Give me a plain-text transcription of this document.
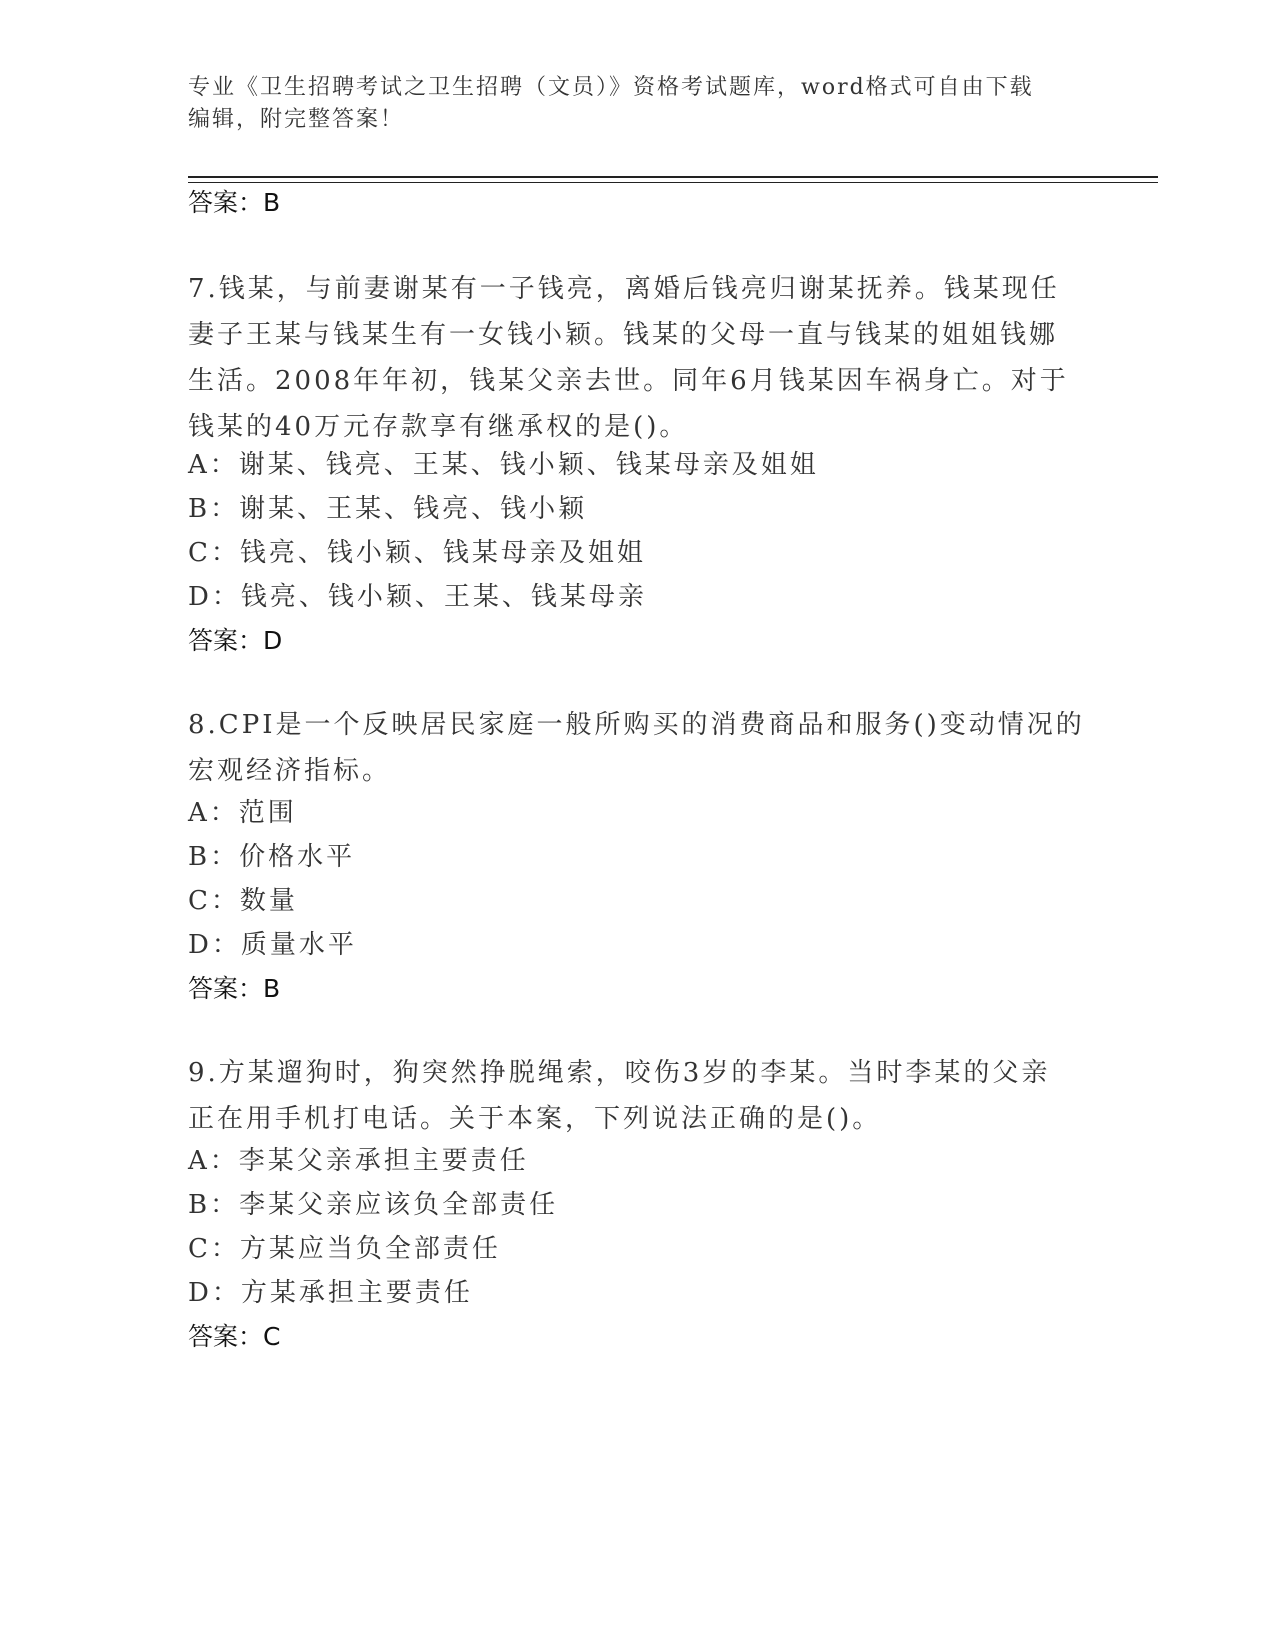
专业《卫生招聘考试之卫生招聘（文员）》资格考试题库，word格式可自由下载
编辑，附完整答案！
答案：B
7.钱某，与前妻谢某有一子钱亮，离婚后钱亮归谢某抚养。钱某现任
妻子王某与钱某生有一女钱小颖。钱某的父母一直与钱某的姐姐钱娜
生活。2008年年初，钱某父亲去世。同年6月钱某因车祸身亡。对于
钱某的40万元存款享有继承权的是()。
A：谢某、钱亮、王某、钱小颖、钱某母亲及姐姐
B：谢某、王某、钱亮、钱小颖
C：钱亮、钱小颖、钱某母亲及姐姐
D：钱亮、钱小颖、王某、钱某母亲
答案：D
8.CPI是一个反映居民家庭一般所购买的消费商品和服务()变动情况的
宏观经济指标。
A：范围
B：价格水平
C：数量
D：质量水平
答案：B
9.方某遛狗时，狗突然挣脱绳索，咬伤3岁的李某。当时李某的父亲
正在用手机打电话。关于本案，下列说法正确的是()。
A：李某父亲承担主要责任
B：李某父亲应该负全部责任
C：方某应当负全部责任
D：方某承担主要责任
答案：C
